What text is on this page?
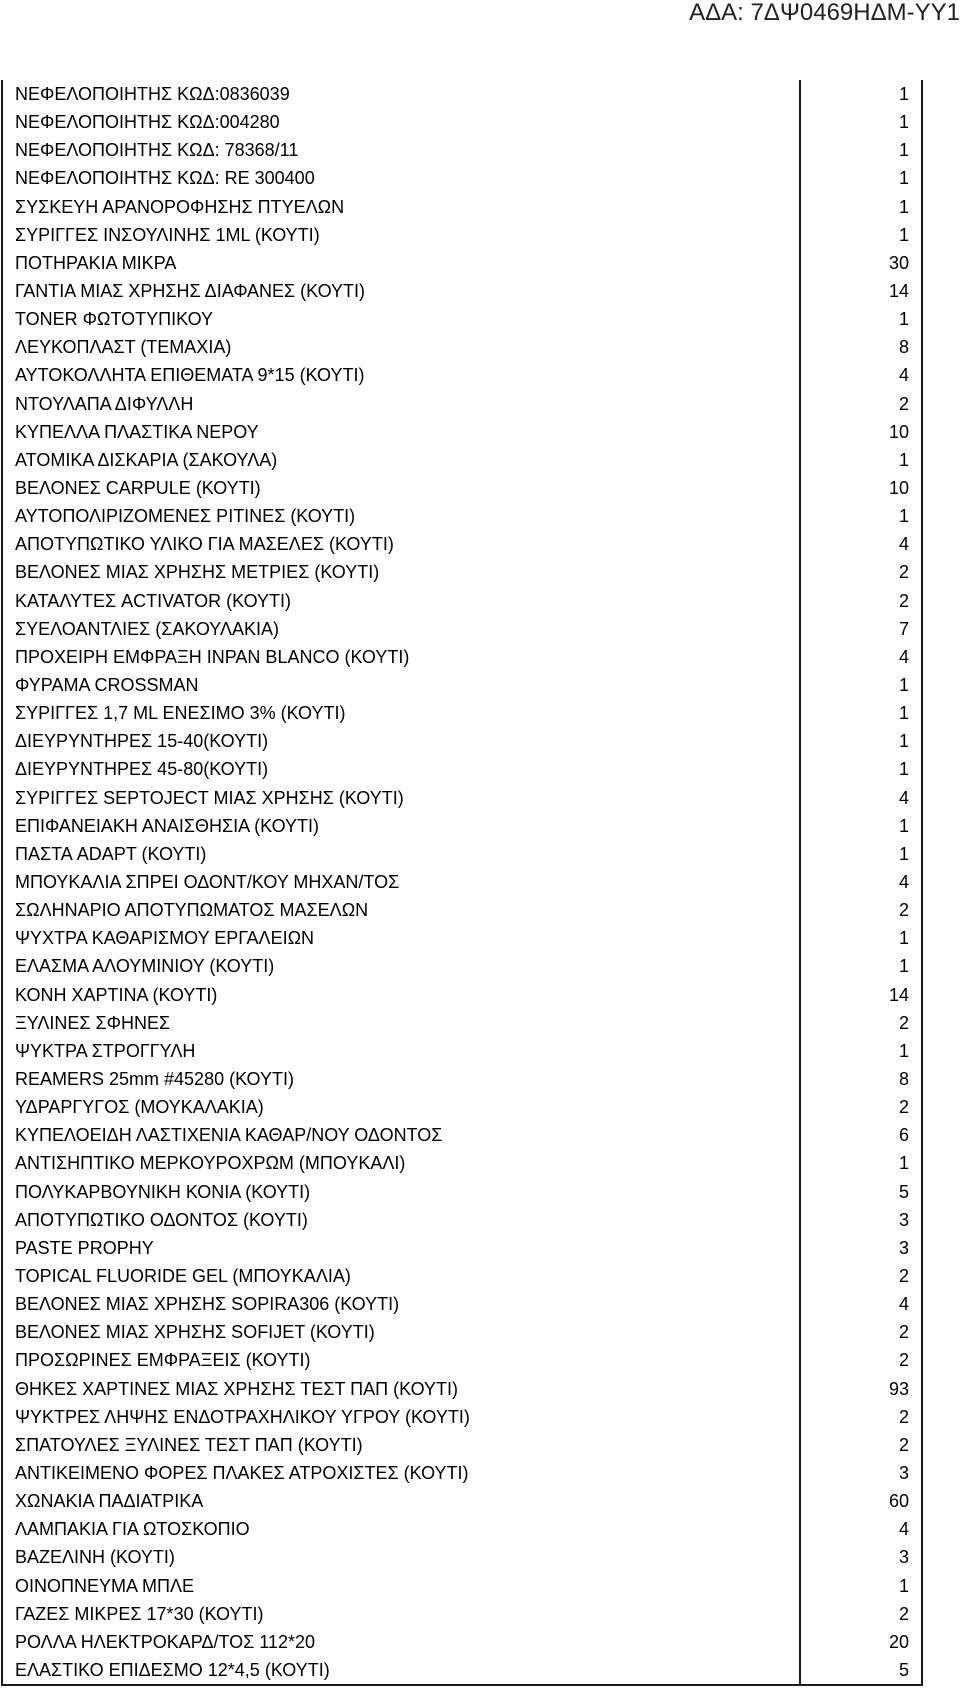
ΑΔΑ: 7ΔΨ0469ΗΔΜ-ΥΥ1
ΝΕΦΕΛΟΠΟΙΗΤΗΣ ΚΩΔ:0836039	1
ΝΕΦΕΛΟΠΟΙΗΤΗΣ ΚΩΔ:004280	1
ΝΕΦΕΛΟΠΟΙΗΤΗΣ ΚΩΔ: 78368/11	1
ΝΕΦΕΛΟΠΟΙΗΤΗΣ ΚΩΔ: RE 300400	1
ΣΥΣΚΕΥΗ ΑΡΑΝΟΡΟΦΗΣΗΣ ΠΤΥΕΛΩΝ	1
ΣΥΡΙΓΓΕΣ ΙΝΣΟΥΛΙΝΗΣ 1ML (ΚΟΥΤΙ)	1
ΠΟΤΗΡΑΚΙΑ ΜΙΚΡΑ	30
ΓΑΝΤΙΑ ΜΙΑΣ ΧΡΗΣΗΣ ΔΙΑΦΑΝΕΣ (ΚΟΥΤΙ)	14
TONER ΦΩΤΟΤΥΠΙΚΟΥ	1
ΛΕΥΚΟΠΛΑΣΤ (ΤΕΜΑΧΙΑ)	8
ΑΥΤΟΚΟΛΛΗΤΑ ΕΠΙΘΕΜΑΤΑ 9*15 (ΚΟΥΤΙ)	4
ΝΤΟΥΛΑΠΑ ΔΙΦΥΛΛΗ	2
ΚΥΠΕΛΛΑ ΠΛΑΣΤΙΚΑ ΝΕΡΟΥ	10
ΑΤΟΜΙΚΑ ΔΙΣΚΑΡΙΑ (ΣΑΚΟΥΛΑ)	1
ΒΕΛΟΝΕΣ CARPULE (ΚΟΥΤΙ)	10
ΑΥΤΟΠΟΛΙΡΙΖΟΜΕΝΕΣ ΡΙΤΙΝΕΣ (ΚΟΥΤΙ)	1
ΑΠΟΤΥΠΩΤΙΚΟ ΥΛΙΚΟ ΓΙΑ ΜΑΣΕΛΕΣ (ΚΟΥΤΙ)	4
ΒΕΛΟΝΕΣ ΜΙΑΣ ΧΡΗΣΗΣ ΜΕΤΡΙΕΣ (ΚΟΥΤΙ)	2
ΚΑΤΑΛΥΤΕΣ ACTIVATOR (ΚΟΥΤΙ)	2
ΣΥΕΛΟΑΝΤΛΙΕΣ (ΣΑΚΟΥΛΑΚΙΑ)	7
ΠΡΟΧΕΙΡΗ ΕΜΦΡΑΞΗ INPAN BLANCO (ΚΟΥΤΙ)	4
ΦΥΡΑΜΑ CROSSMAN	1
ΣΥΡΙΓΓΕΣ 1,7 ML ΕΝΕΣΙΜΟ 3% (ΚΟΥΤΙ)	1
ΔΙΕΥΡΥΝΤΗΡΕΣ 15-40(ΚΟΥΤΙ)	1
ΔΙΕΥΡΥΝΤΗΡΕΣ 45-80(ΚΟΥΤΙ)	1
ΣΥΡΙΓΓΕΣ SEPTOJECT ΜΙΑΣ ΧΡΗΣΗΣ (ΚΟΥΤΙ)	4
ΕΠΙΦΑΝΕΙΑΚΗ ΑΝΑΙΣΘΗΣΙΑ (ΚΟΥΤΙ)	1
ΠΑΣΤΑ ADAPT (ΚΟΥΤΙ)	1
ΜΠΟΥΚΑΛΙΑ ΣΠΡΕΙ ΟΔΟΝΤ/ΚΟΥ ΜΗΧΑΝ/ΤΟΣ	4
ΣΩΛΗΝΑΡΙΟ ΑΠΟΤΥΠΩΜΑΤΟΣ ΜΑΣΕΛΩΝ	2
ΨΥΧΤΡΑ ΚΑΘΑΡΙΣΜΟΥ ΕΡΓΑΛΕΙΩΝ	1
ΕΛΑΣΜΑ ΑΛΟΥΜΙΝΙΟΥ (ΚΟΥΤΙ)	1
ΚΟΝΗ ΧΑΡΤΙΝΑ (ΚΟΥΤΙ)	14
ΞΥΛΙΝΕΣ ΣΦΗΝΕΣ	2
ΨΥΚΤΡΑ ΣΤΡΟΓΓΥΛΗ	1
REAMERS 25mm #45280 (ΚΟΥΤΙ)	8
ΥΔΡΑΡΓΥΓΟΣ (ΜΟΥΚΑΛΑΚΙΑ)	2
ΚΥΠΕΛΟΕΙΔΗ ΛΑΣΤΙΧΕΝΙΑ ΚΑΘΑΡ/ΝΟΥ ΟΔΟΝΤΟΣ	6
ΑΝΤΙΣΗΠΤΙΚΟ ΜΕΡΚΟΥΡΟΧΡΩΜ (ΜΠΟΥΚΑΛΙ)	1
ΠΟΛΥΚΑΡΒΟΥΝΙΚΗ ΚΟΝΙΑ (ΚΟΥΤΙ)	5
ΑΠΟΤΥΠΩΤΙΚΟ ΟΔΟΝΤΟΣ (ΚΟΥΤΙ)	3
PASTE PROPHY	3
TOPICAL FLUORIDE GEL (ΜΠΟΥΚΑΛΙΑ)	2
ΒΕΛΟΝΕΣ ΜΙΑΣ ΧΡΗΣΗΣ SOPIRA306 (ΚΟΥΤΙ)	4
ΒΕΛΟΝΕΣ ΜΙΑΣ ΧΡΗΣΗΣ SOFIJET (ΚΟΥΤΙ)	2
ΠΡΟΣΩΡΙΝΕΣ ΕΜΦΡΑΞΕΙΣ (ΚΟΥΤΙ)	2
ΘΗΚΕΣ ΧΑΡΤΙΝΕΣ ΜΙΑΣ ΧΡΗΣΗΣ ΤΕΣΤ ΠΑΠ (ΚΟΥΤΙ)	93
ΨΥΚΤΡΕΣ ΛΗΨΗΣ ΕΝΔΟΤΡΑΧΗΛΙΚΟΥ ΥΓΡΟΥ (ΚΟΥΤΙ)	2
ΣΠΑΤΟΥΛΕΣ ΞΥΛΙΝΕΣ ΤΕΣΤ ΠΑΠ (ΚΟΥΤΙ)	2
ΑΝΤΙΚΕΙΜΕΝΟ ΦΟΡΕΣ ΠΛΑΚΕΣ ΑΤΡΟΧΙΣΤΕΣ (ΚΟΥΤΙ)	3
ΧΩΝΑΚΙΑ ΠΑΔΙΑΤΡΙΚΑ	60
ΛΑΜΠΑΚΙΑ ΓΙΑ ΩΤΟΣΚΟΠΙΟ	4
ΒΑΖΕΛΙΝΗ (ΚΟΥΤΙ)	3
ΟΙΝΟΠΝΕΥΜΑ ΜΠΛΕ	1
ΓΑΖΕΣ ΜΙΚΡΕΣ 17*30 (ΚΟΥΤΙ)	2
ΡΟΛΛΑ ΗΛΕΚΤΡΟΚΑΡΔ/ΤΟΣ 112*20	20
ΕΛΑΣΤΙΚΟ ΕΠΙΔΕΣΜΟ 12*4,5 (ΚΟΥΤΙ)	5
